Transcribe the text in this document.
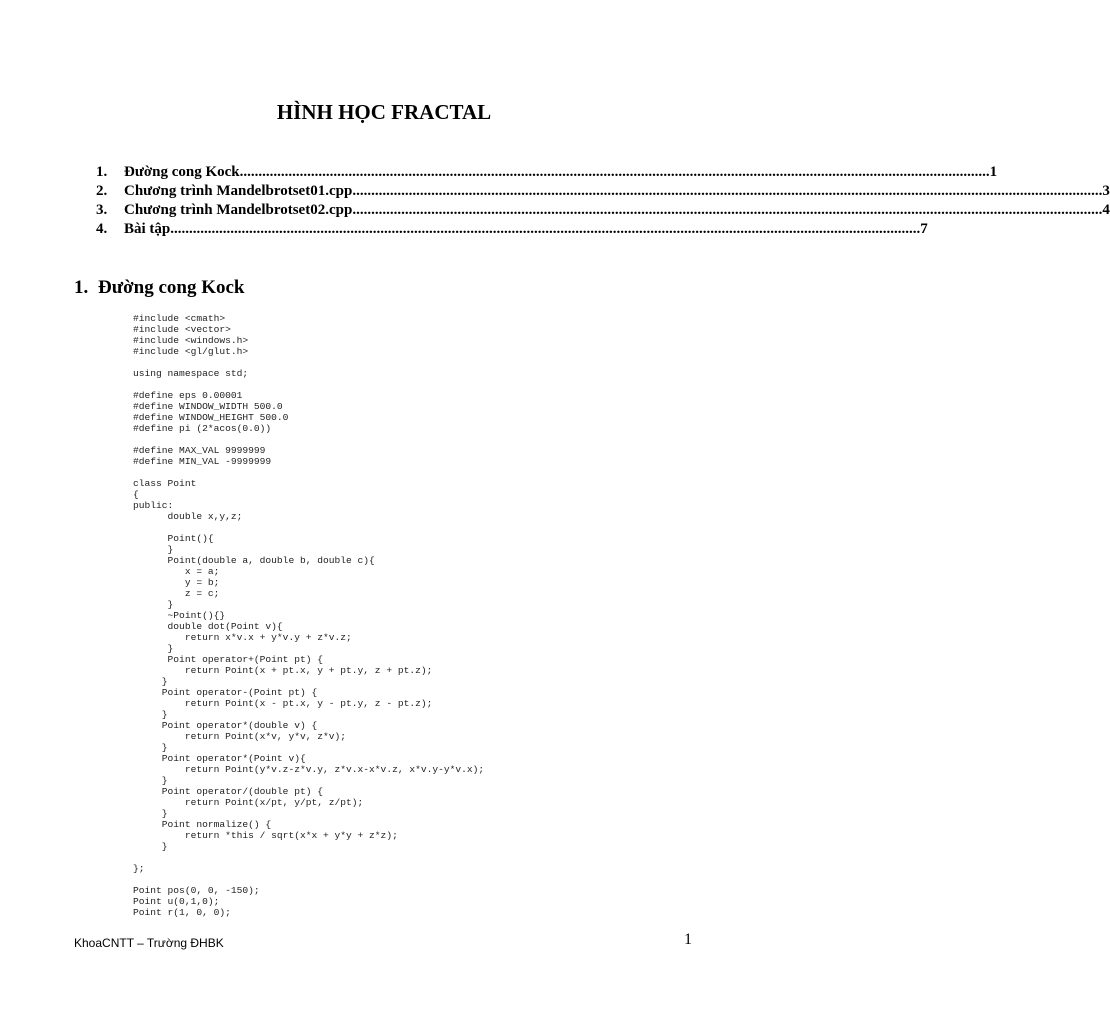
HÌNH HỌC FRACTAL
1.	Đường cong Kock ........................................................................................................................................................................................................ 1
2.	Chương trình Mandelbrotset01.cpp ........................................................................................................................................................................................................ 3
3.	Chương trình Mandelbrotset02.cpp ........................................................................................................................................................................................................ 4
4.	Bài tập ........................................................................................................................................................................................................ 7
1. Đường cong Kock
#include <cmath>
#include <vector>
#include <windows.h>
#include <gl/glut.h>

using namespace std;

#define eps 0.00001
#define WINDOW_WIDTH 500.0
#define WINDOW_HEIGHT 500.0
#define pi (2*acos(0.0))

#define MAX_VAL 9999999
#define MIN_VAL -9999999

class Point
{
public:
double x,y,z;

Point(){
}
Point(double a, double b, double c){
x = a;
y = b;
z = c;
}
~Point(){}
double dot(Point v){
return x*v.x + y*v.y + z*v.z;
}
Point operator+(Point pt) {
return Point(x + pt.x, y + pt.y, z + pt.z);
}
Point operator-(Point pt) {
return Point(x - pt.x, y - pt.y, z - pt.z);
}
Point operator*(double v) {
return Point(x*v, y*v, z*v);
}
Point operator*(Point v){
return Point(y*v.z-z*v.y, z*v.x-x*v.z, x*v.y-y*v.x);
}
Point operator/(double pt) {
return Point(x/pt, y/pt, z/pt);
}
Point normalize() {
return *this / sqrt(x*x + y*y + z*z);
}

};

Point pos(0, 0, -150);
Point u(0,1,0);
Point r(1, 0, 0);
KhoaCNTT – Trường ĐHBK	1
